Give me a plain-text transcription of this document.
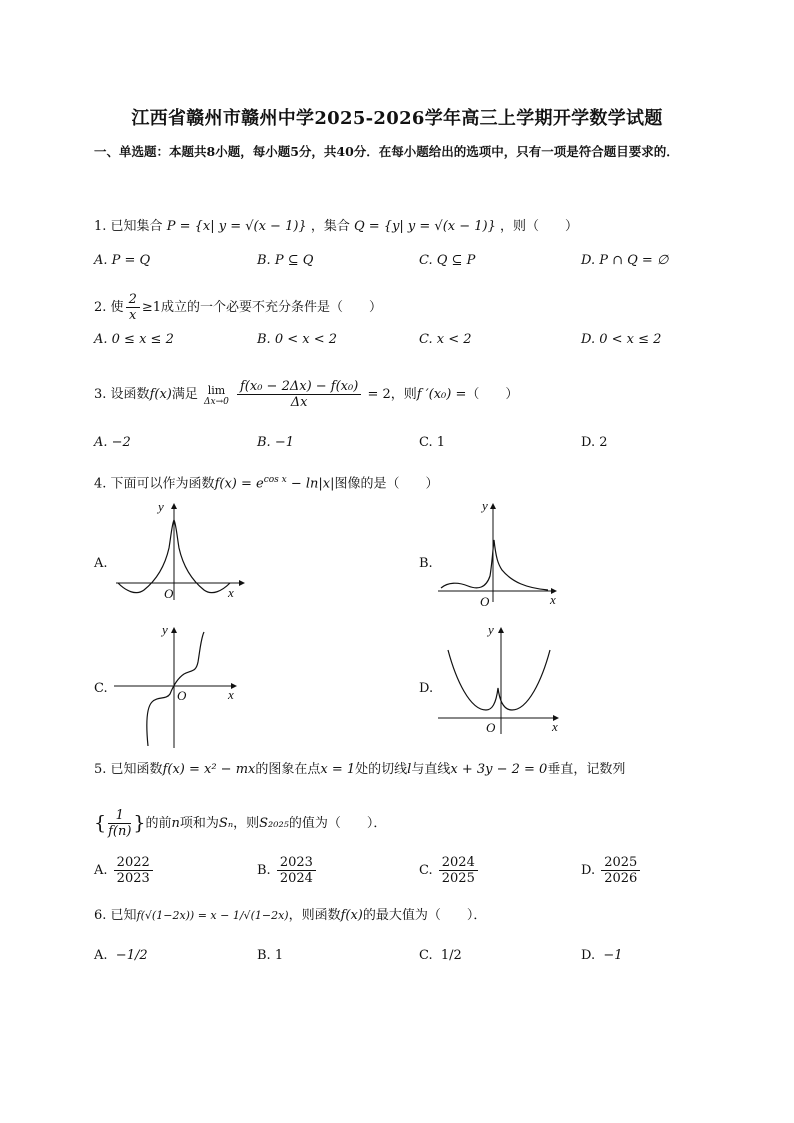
江西省赣州市赣州中学2025-2026学年高三上学期开学数学试题
一、单选题：本题共8小题，每小题5分，共40分．在每小题给出的选项中，只有一项是符合题目要求的．
1. 已知集合 P = {x| y = √(x − 1)} ，集合 Q = {y| y = √(x − 1)} ，则（　　）
A. P = Q	B. P ⊆ Q	C. Q ⊆ P	D. P ∩ Q = ∅
2. 使 $\frac{2}{x} \ge 1$成立的一个必要不充分条件是（　　）
A. 0 ≤ x ≤ 2	B. 0 < x < 2	C. x < 2	D. 0 < x ≤ 2
3. 设函数f(x)满足 lim
Δx→0
$\frac{\text{f(x₀ − 2Δx) − f(x₀)}}{\Delta x} = 2$，则f ′(x₀) =（　　）
A. −2	B. −1	C. 1	D. 2
4. 下面可以作为函数$f(x) = e^{cos x} - \ln|x|$图像的是（　　）
A.	B.
C.	D.
O	x
y
O	x
y
O	x
y
O	x
y
5. 已知函数f(x) = x² − mx的图象在点x = 1处的切线l与直线x + 3y − 2 = 0垂直，记数列
{ $\frac{1}{f(n)}$ }的前n项和为Sₙ，则S₂₀₂₅的值为（　　）．
A. $\frac{2022}{2023}$	B. $\frac{2023}{2024}$	C. $\frac{2024}{2025}$	D. $\frac{2025}{2026}$
6. 已知f(√(1−2x)) = x − 1/√(1−2x)，则函数f(x)的最大值为（　　）．
A. −1/2	B. 1	C. 1/2	D. −1
